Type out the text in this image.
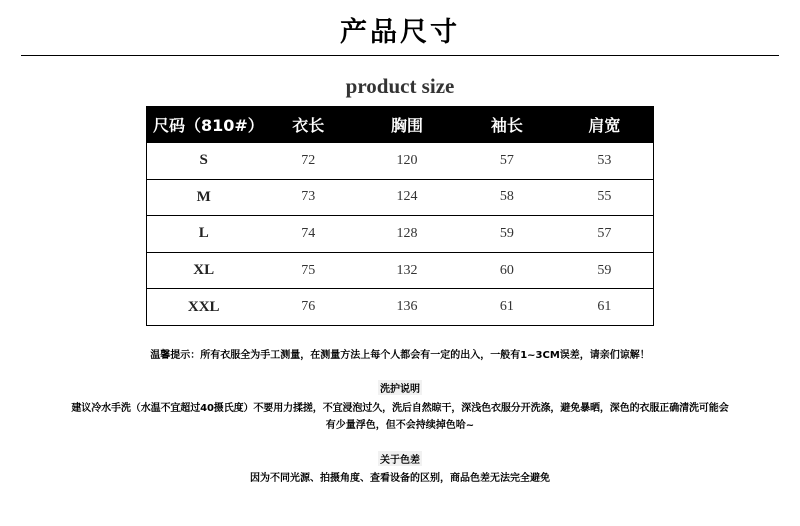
产品尺寸
product size
尺码（810#）	衣长	胸围	袖长	肩宽
S	72	120	57	53
M	73	124	58	55
L	74	128	59	57
XL	75	132	60	59
XXL	76	136	61	61
温馨提示：所有衣服全为手工测量，在测量方法上每个人都会有一定的出入，一般有1~3CM误差，请亲们谅解！
洗护说明
建议冷水手洗（水温不宜超过40摄氏度）不要用力揉搓，不宜浸泡过久，洗后自然晾干，深浅色衣服分开洗涤，避免暴晒，深色的衣服正确清洗可能会
有少量浮色，但不会持续掉色哈~
关于色差
因为不同光源、拍摄角度、查看设备的区别，商品色差无法完全避免
